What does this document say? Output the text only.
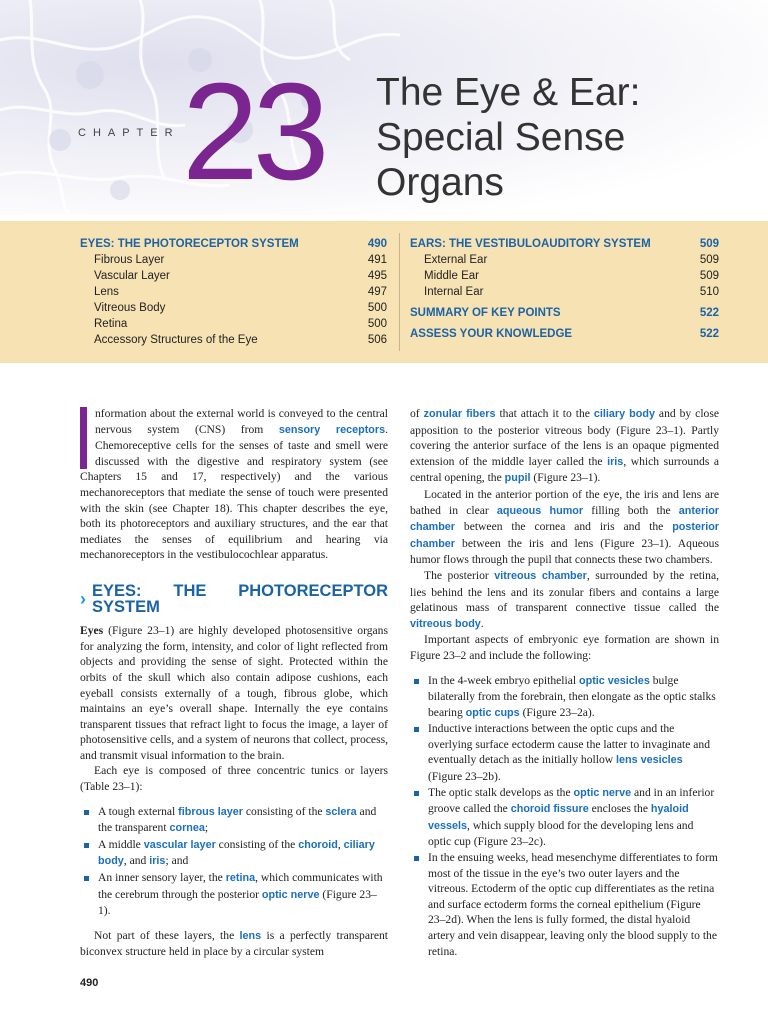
CHAPTER 23 The Eye & Ear:
Special Sense
Organs
EYES: THE PHOTORECEPTOR SYSTEM	490
Fibrous Layer	491
Vascular Layer	495
Lens	497
Vitreous Body	500
Retina	500
Accessory Structures of the Eye	506
EARS: THE VESTIBULOAUDITORY SYSTEM	509
External Ear	509
Middle Ear	509
Internal Ear	510
SUMMARY OF KEY POINTS	522
ASSESS YOUR KNOWLEDGE	522

nformation about the external world is conveyed to the central nervous system (CNS) from sensory receptors. Chemoreceptive cells for the senses of taste and smell were discussed with the digestive and respiratory system (see Chapters 15 and 17, respectively) and the various mechanoreceptors that mediate the sense of touch were presented with the skin (see Chapter 18). This chapter describes the eye, both its photoreceptors and auxiliary structures, and the ear that mediates the senses of equilibrium and hearing via mechanoreceptors in the vestibulocochlear apparatus.

› EYES: THE PHOTORECEPTOR SYSTEM

Eyes (Figure 23–1) are highly developed photosensitive organs for analyzing the form, intensity, and color of light reflected from objects and providing the sense of sight. Protected within the orbits of the skull which also contain adipose cushions, each eyeball consists externally of a tough, fibrous globe, which maintains an eye’s overall shape. Internally the eye contains transparent tissues that refract light to focus the image, a layer of photosensitive cells, and a system of neurons that collect, process, and transmit visual information to the brain.

Each eye is composed of three concentric tunics or layers (Table 23–1):

A tough external fibrous layer consisting of the sclera and the transparent cornea;
A middle vascular layer consisting of the choroid, ciliary body, and iris; and
An inner sensory layer, the retina, which communicates with the cerebrum through the posterior optic nerve (Figure 23–1).

Not part of these layers, the lens is a perfectly transparent biconvex structure held in place by a circular system

of zonular fibers that attach it to the ciliary body and by close apposition to the posterior vitreous body (Figure 23–1). Partly covering the anterior surface of the lens is an opaque pigmented extension of the middle layer called the iris, which surrounds a central opening, the pupil (Figure 23–1).

Located in the anterior portion of the eye, the iris and lens are bathed in clear aqueous humor filling both the anterior chamber between the cornea and iris and the posterior chamber between the iris and lens (Figure 23–1). Aqueous humor flows through the pupil that connects these two chambers.

The posterior vitreous chamber, surrounded by the retina, lies behind the lens and its zonular fibers and contains a large gelatinous mass of transparent connective tissue called the vitreous body.

Important aspects of embryonic eye formation are shown in Figure 23–2 and include the following:

In the 4-week embryo epithelial optic vesicles bulge bilaterally from the forebrain, then elongate as the optic stalks bearing optic cups (Figure 23–2a).
Inductive interactions between the optic cups and the overlying surface ectoderm cause the latter to invaginate and eventually detach as the initially hollow lens vesicles (Figure 23–2b).
The optic stalk develops as the optic nerve and in an inferior groove called the choroid fissure encloses the hyaloid vessels, which supply blood for the developing lens and optic cup (Figure 23–2c).
In the ensuing weeks, head mesenchyme differentiates to form most of the tissue in the eye’s two outer layers and the vitreous. Ectoderm of the optic cup differentiates as the retina and surface ectoderm forms the corneal epithelium (Figure 23–2d). When the lens is fully formed, the distal hyaloid artery and vein disappear, leaving only the blood supply to the retina.
490
